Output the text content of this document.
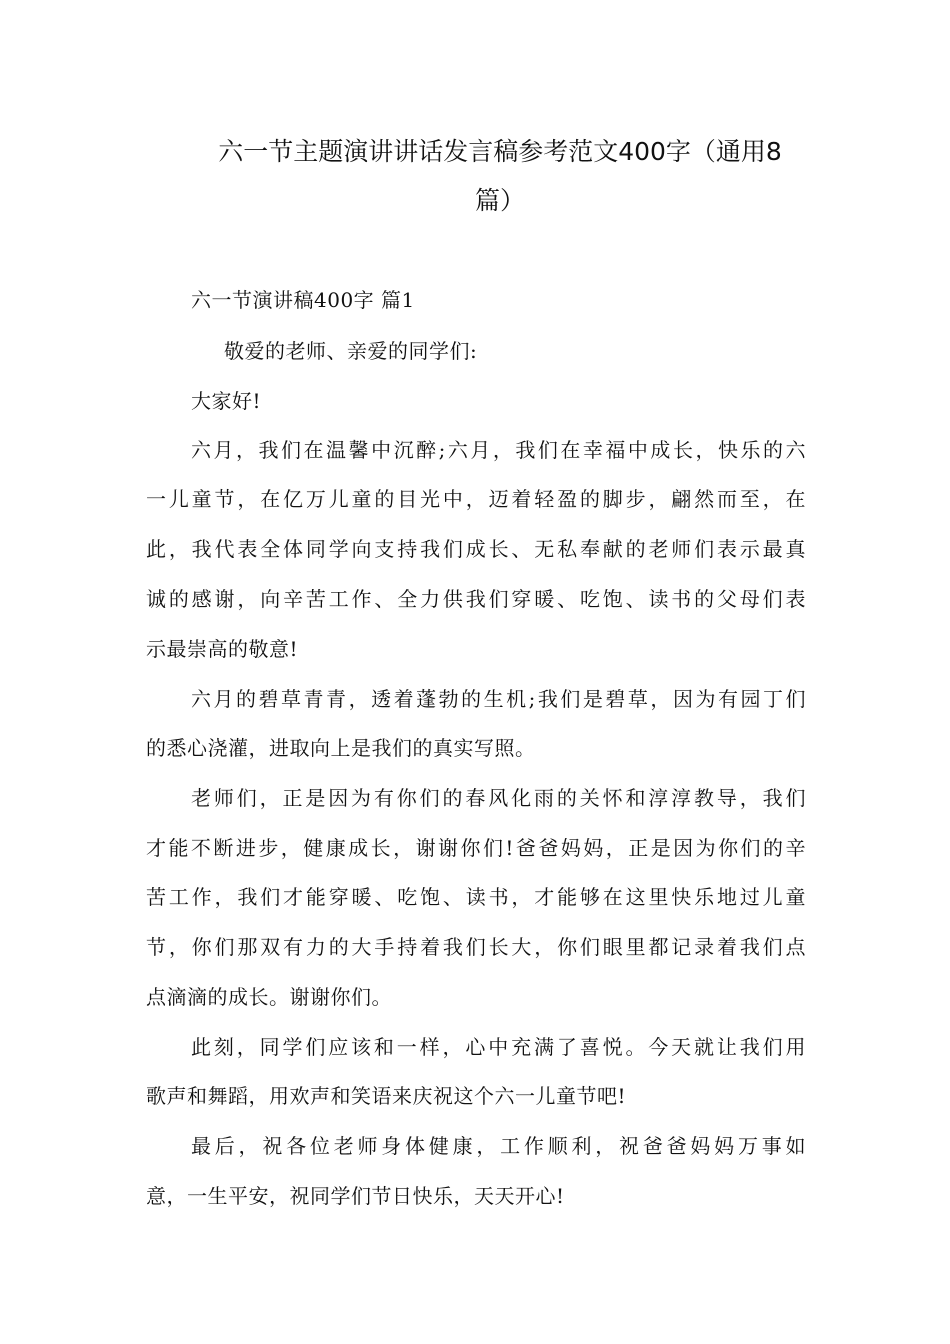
六一节主题演讲讲话发言稿参考范文400字（通用8
篇）

六一节演讲稿400字 篇1

敬爱的老师、亲爱的同学们:

大家好!

六月，我们在温馨中沉醉;六月，我们在幸福中成长，快乐的六

一儿童节，在亿万儿童的目光中，迈着轻盈的脚步，翩然而至，在

此，我代表全体同学向支持我们成长、无私奉献的老师们表示最真

诚的感谢，向辛苦工作、全力供我们穿暖、吃饱、读书的父母们表

示最崇高的敬意!

六月的碧草青青，透着蓬勃的生机;我们是碧草，因为有园丁们

的悉心浇灌，进取向上是我们的真实写照。

老师们，正是因为有你们的春风化雨的关怀和淳淳教导，我们

才能不断进步，健康成长，谢谢你们!爸爸妈妈，正是因为你们的辛

苦工作，我们才能穿暖、吃饱、读书，才能够在这里快乐地过儿童

节，你们那双有力的大手持着我们长大，你们眼里都记录着我们点

点滴滴的成长。谢谢你们。

此刻，同学们应该和一样，心中充满了喜悦。今天就让我们用

歌声和舞蹈，用欢声和笑语来庆祝这个六一儿童节吧!

最后，祝各位老师身体健康，工作顺利，祝爸爸妈妈万事如

意，一生平安，祝同学们节日快乐，天天开心!
